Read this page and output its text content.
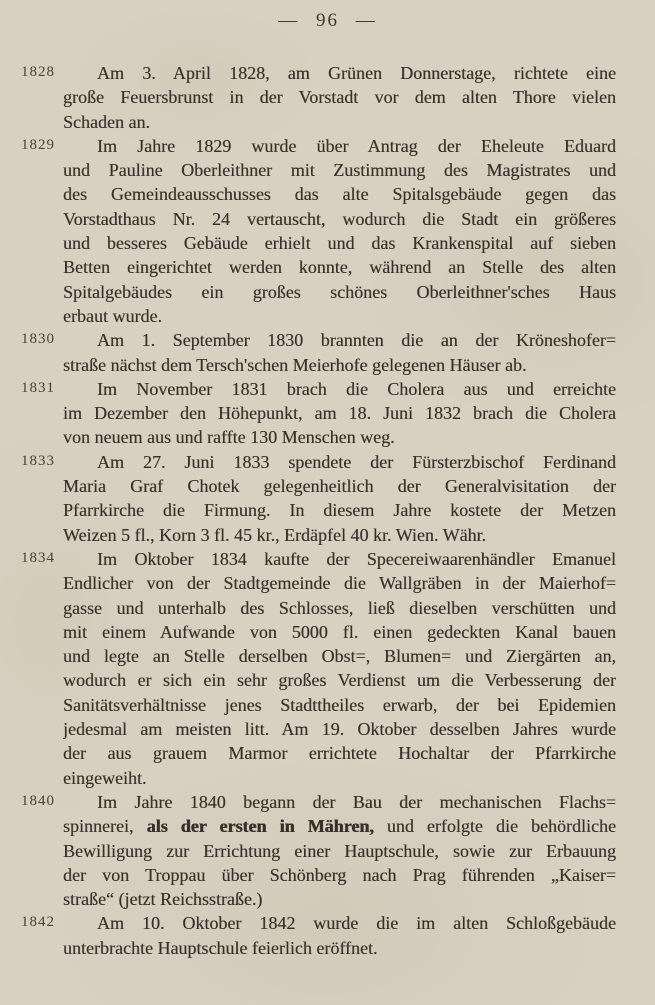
— 96 —
1828	Am 3. April 1828, am Grünen Donnerstage, richtete eine
große Feuersbrunst in der Vorstadt vor dem alten Thore vielen
Schaden an.
1829	Im Jahre 1829 wurde über Antrag der Eheleute Eduard
und Pauline Oberleithner mit Zustimmung des Magistrates und
des Gemeindeausschusses das alte Spitalsgebäude gegen das
Vorstadthaus Nr. 24 vertauscht, wodurch die Stadt ein größeres
und besseres Gebäude erhielt und das Krankenspital auf sieben
Betten eingerichtet werden konnte, während an Stelle des alten
Spitalgebäudes ein großes schönes Oberleithner'sches Haus
erbaut wurde.
1830	Am 1. September 1830 brannten die an der Kröneshofer=
straße nächst dem Tersch'schen Meierhofe gelegenen Häuser ab.
1831	Im November 1831 brach die Cholera aus und erreichte
im Dezember den Höhepunkt, am 18. Juni 1832 brach die Cholera
von neuem aus und raffte 130 Menschen weg.
1833	Am 27. Juni 1833 spendete der Fürsterzbischof Ferdinand
Maria Graf Chotek gelegenheitlich der Generalvisitation der
Pfarrkirche die Firmung. In diesem Jahre kostete der Metzen
Weizen 5 fl., Korn 3 fl. 45 kr., Erdäpfel 40 kr. Wien. Währ.
1834	Im Oktober 1834 kaufte der Specereiwaarenhändler Emanuel
Endlicher von der Stadtgemeinde die Wallgräben in der Maierhof=
gasse und unterhalb des Schlosses, ließ dieselben verschütten und
mit einem Aufwande von 5000 fl. einen gedeckten Kanal bauen
und legte an Stelle derselben Obst=, Blumen= und Ziergärten an,
wodurch er sich ein sehr großes Verdienst um die Verbesserung der
Sanitätsverhältnisse jenes Stadttheiles erwarb, der bei Epidemien
jedesmal am meisten litt. Am 19. Oktober desselben Jahres wurde
der aus grauem Marmor errichtete Hochaltar der Pfarrkirche
eingeweiht.
1840	Im Jahre 1840 begann der Bau der mechanischen Flachs=
spinnerei, als der ersten in Mähren, und erfolgte die behördliche
Bewilligung zur Errichtung einer Hauptschule, sowie zur Erbauung
der von Troppau über Schönberg nach Prag führenden „Kaiser=
straße“ (jetzt Reichsstraße.)
1842	Am 10. Oktober 1842 wurde die im alten Schloßgebäude
unterbrachte Hauptschule feierlich eröffnet.
